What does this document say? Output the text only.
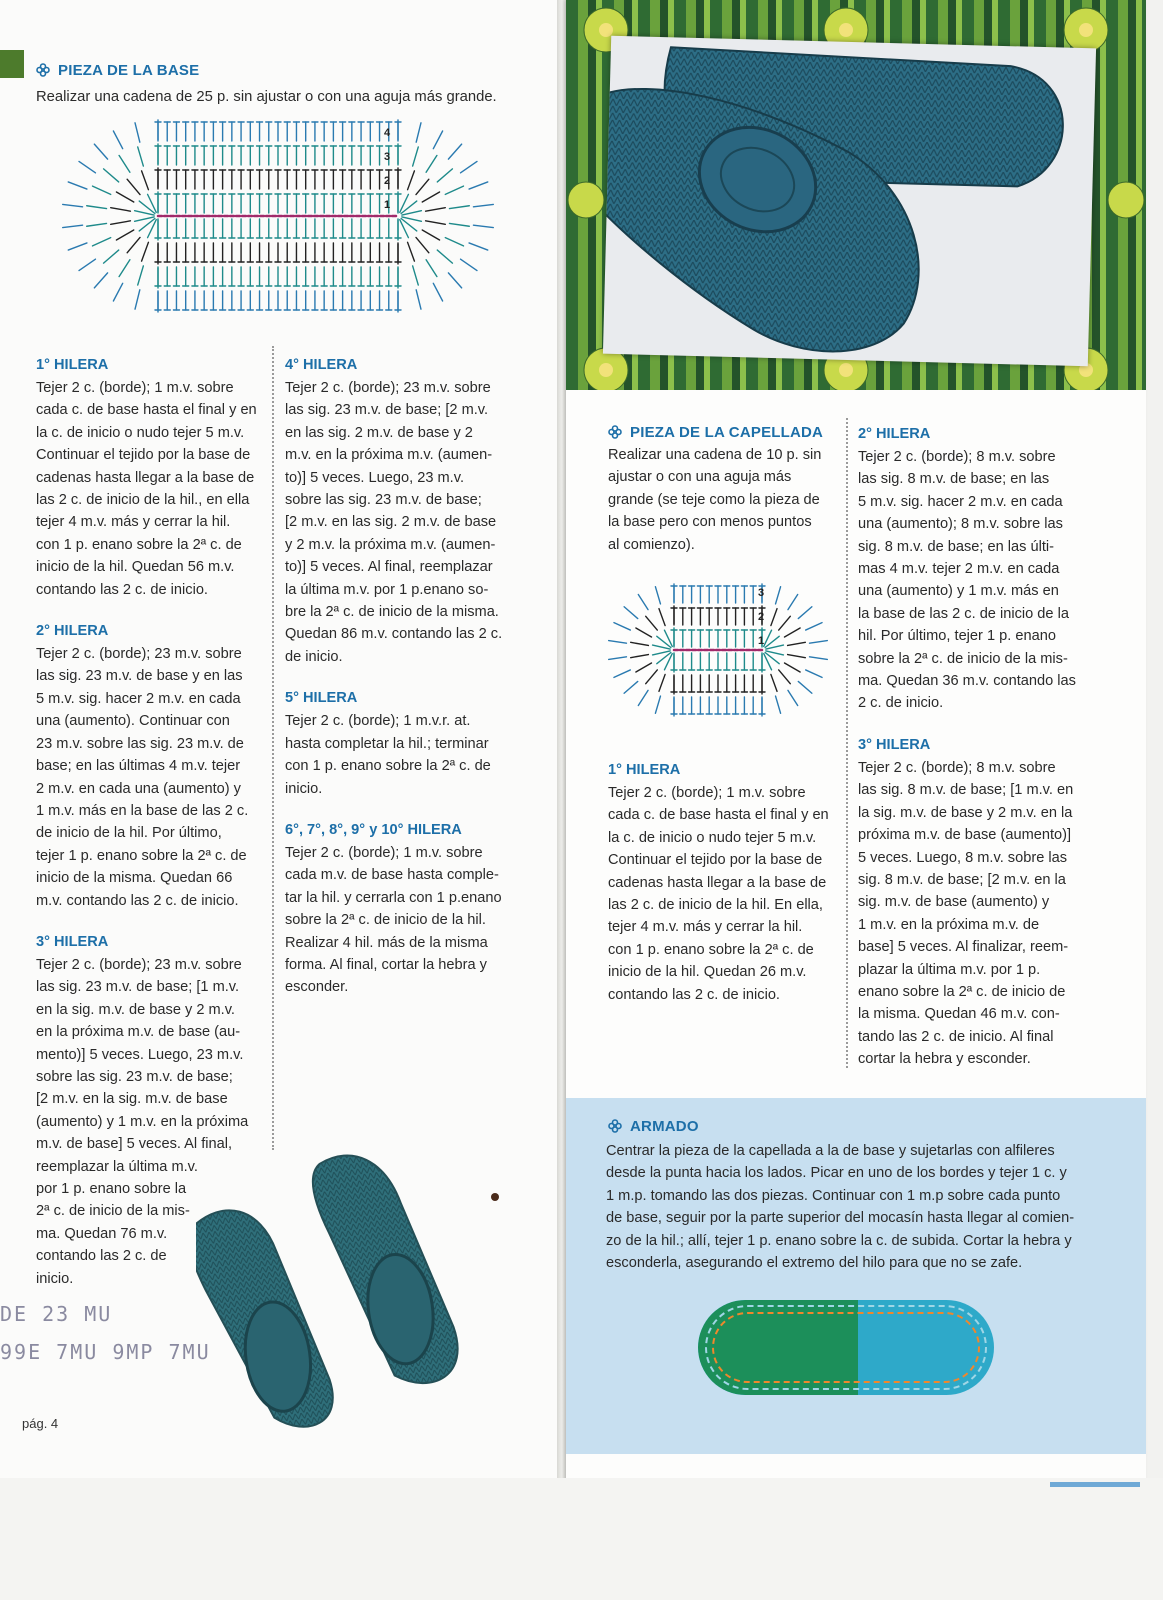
PIEZA DE LA BASE
Realizar una cadena de 25 p. sin ajustar o con una aguja más grande.
1
2
3
4
1° HILERA

Tejer 2 c. (borde); 1 m.v. sobre

cada c. de base hasta el final y en

la c. de inicio o nudo tejer 5 m.v.

Continuar el tejido por la base de

cadenas hasta llegar a la base de

las 2 c. de inicio de la hil., en ella

tejer 4 m.v. más y cerrar la hil.

con 1 p. enano sobre la 2ª c. de

inicio de la hil. Quedan 56 m.v.

contando las 2 c. de inicio.

2° HILERA

Tejer 2 c. (borde); 23 m.v. sobre

las sig. 23 m.v. de base y en las

5 m.v. sig. hacer 2 m.v. en cada

una (aumento). Continuar con

23 m.v. sobre las sig. 23 m.v. de

base; en las últimas 4 m.v. tejer

2 m.v. en cada una (aumento) y

1 m.v. más en la base de las 2 c.

de inicio de la hil. Por último,

tejer 1 p. enano sobre la 2ª c. de

inicio de la misma. Quedan 66

m.v. contando las 2 c. de inicio.

3° HILERA

Tejer 2 c. (borde); 23 m.v. sobre

las sig. 23 m.v. de base; [1 m.v.

en la sig. m.v. de base y 2 m.v.

en la próxima m.v. de base (au-

mento)] 5 veces. Luego, 23 m.v.

sobre las sig. 23 m.v. de base;

[2 m.v. en la sig. m.v. de base

(aumento) y 1 m.v. en la próxima

m.v. de base] 5 veces. Al final,

reemplazar la última m.v.

por 1 p. enano sobre la

2ª c. de inicio de la mis-

ma. Quedan 76 m.v.

contando las 2 c. de

inicio.

4° HILERA

Tejer 2 c. (borde); 23 m.v. sobre

las sig. 23 m.v. de base; [2 m.v.

en las sig. 2 m.v. de base y 2

m.v. en la próxima m.v. (aumen-

to)] 5 veces. Luego, 23 m.v.

sobre las sig. 23 m.v. de base;

[2 m.v. en las sig. 2 m.v. de base

y 2 m.v. la próxima m.v. (aumen-

to)] 5 veces. Al final, reemplazar

la última m.v. por 1 p.enano so-

bre la 2ª c. de inicio de la misma.

Quedan 86 m.v. contando las 2 c.

de inicio.

5° HILERA

Tejer 2 c. (borde); 1 m.v.r. at.

hasta completar la hil.; terminar

con 1 p. enano sobre la 2ª c. de

inicio.

6°, 7°, 8°, 9° y 10° HILERA

Tejer 2 c. (borde); 1 m.v. sobre

cada m.v. de base hasta comple-

tar la hil. y cerrarla con 1 p.enano

sobre la 2ª c. de inicio de la hil.

Realizar 4 hil. más de la misma

forma. Al final, cortar la hebra y

esconder.

DE 23 MU
99E 7MU 9MP 7MU
pág. 4
PIEZA DE LA CAPELLADA

Realizar una cadena de 10 p. sin

ajustar o con una aguja más

grande (se teje como la pieza de

la base pero con menos puntos

al comienzo).

1
2
3
1° HILERA

Tejer 2 c. (borde); 1 m.v. sobre

cada c. de base hasta el final y en

la c. de inicio o nudo tejer 5 m.v.

Continuar el tejido por la base de

cadenas hasta llegar a la base de

las 2 c. de inicio de la hil. En ella,

tejer 4 m.v. más y cerrar la hil.

con 1 p. enano sobre la 2ª c. de

inicio de la hil. Quedan 26 m.v.

contando las 2 c. de inicio.

2° HILERA

Tejer 2 c. (borde); 8 m.v. sobre

las sig. 8 m.v. de base; en las

5 m.v. sig. hacer 2 m.v. en cada

una (aumento); 8 m.v. sobre las

sig. 8 m.v. de base; en las últi-

mas 4 m.v. tejer 2 m.v. en cada

una (aumento) y 1 m.v. más en

la base de las 2 c. de inicio de la

hil. Por último, tejer 1 p. enano

sobre la 2ª c. de inicio de la mis-

ma. Quedan 36 m.v. contando las

2 c. de inicio.

3° HILERA

Tejer 2 c. (borde); 8 m.v. sobre

las sig. 8 m.v. de base; [1 m.v. en

la sig. m.v. de base y 2 m.v. en la

próxima m.v. de base (aumento)]

5 veces. Luego, 8 m.v. sobre las

sig. 8 m.v. de base; [2 m.v. en la

sig. m.v. de base (aumento) y

1 m.v. en la próxima m.v. de

base] 5 veces. Al finalizar, reem-

plazar la última m.v. por 1 p.

enano sobre la 2ª c. de inicio de

la misma. Quedan 46 m.v. con-

tando las 2 c. de inicio. Al final

cortar la hebra y esconder.

ARMADO

Centrar la pieza de la capellada a la de base y sujetarlas con alfileres

desde la punta hacia los lados. Picar en uno de los bordes y tejer 1 c. y

1 m.p. tomando las dos piezas. Continuar con 1 m.p sobre cada punto

de base, seguir por la parte superior del mocasín hasta llegar al comien-

zo de la hil.; allí, tejer 1 p. enano sobre la c. de subida. Cortar la hebra y

esconderla, asegurando el extremo del hilo para que no se zafe.
